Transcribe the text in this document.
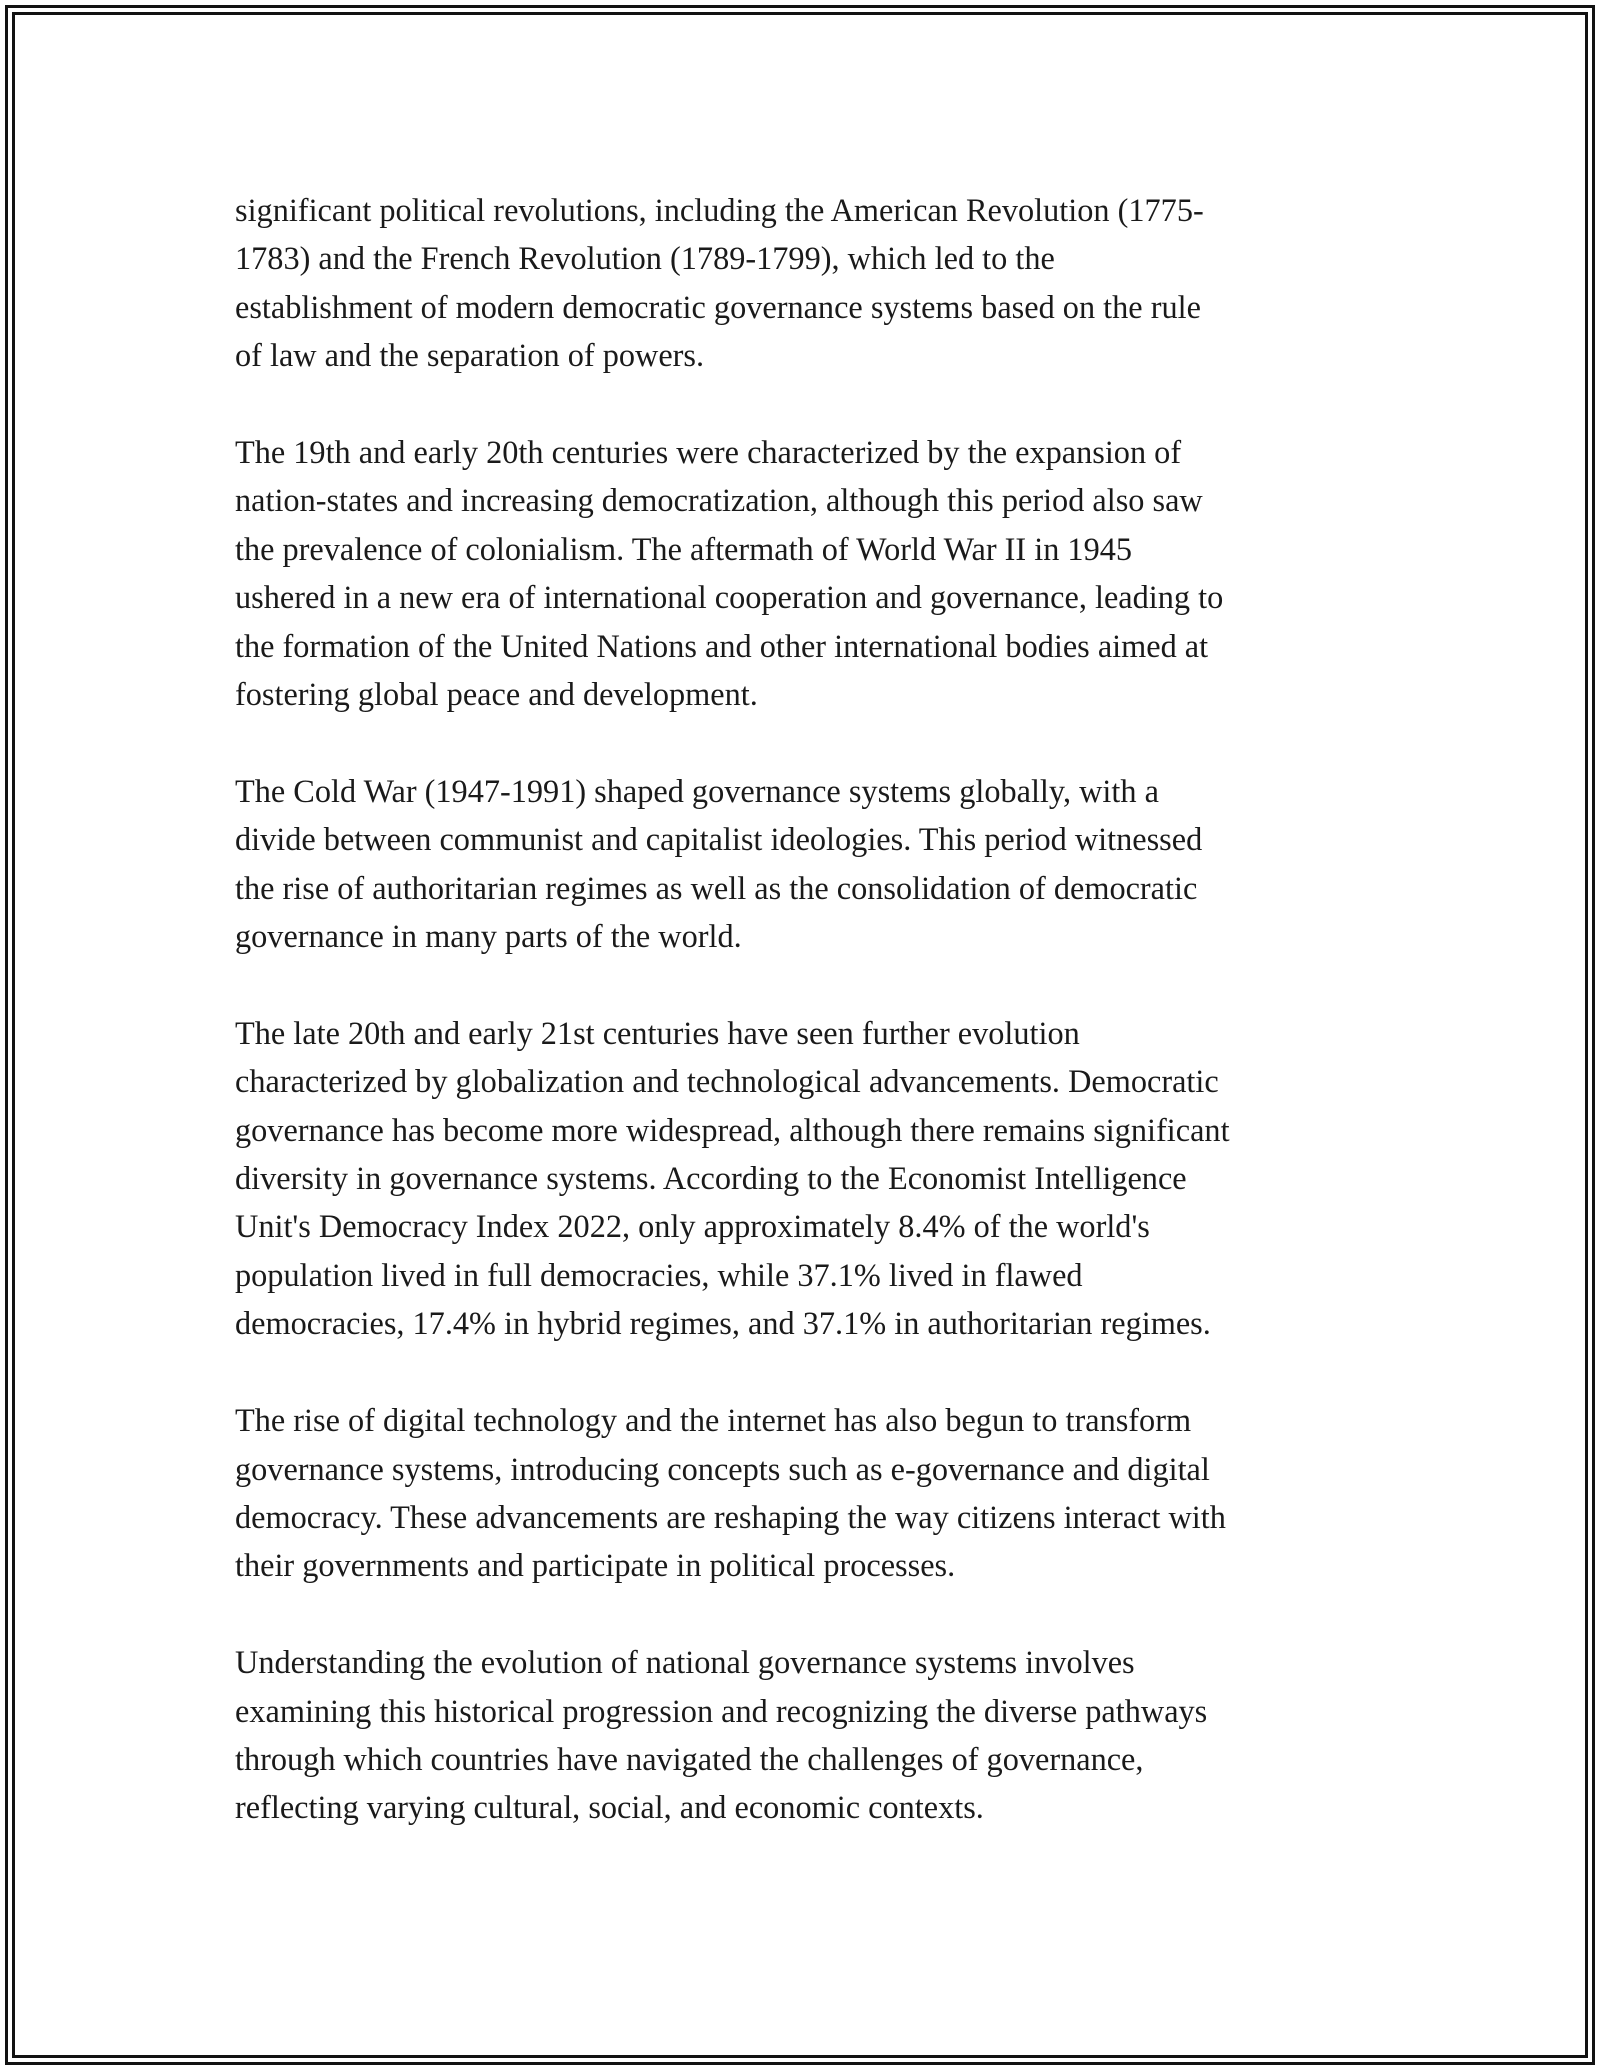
significant political revolutions, including the American Revolution (1775-
1783) and the French Revolution (1789-1799), which led to the
establishment of modern democratic governance systems based on the rule
of law and the separation of powers.

The 19th and early 20th centuries were characterized by the expansion of
nation-states and increasing democratization, although this period also saw
the prevalence of colonialism. The aftermath of World War II in 1945
ushered in a new era of international cooperation and governance, leading to
the formation of the United Nations and other international bodies aimed at
fostering global peace and development.

The Cold War (1947-1991) shaped governance systems globally, with a
divide between communist and capitalist ideologies. This period witnessed
the rise of authoritarian regimes as well as the consolidation of democratic
governance in many parts of the world.

The late 20th and early 21st centuries have seen further evolution
characterized by globalization and technological advancements. Democratic
governance has become more widespread, although there remains significant
diversity in governance systems. According to the Economist Intelligence
Unit's Democracy Index 2022, only approximately 8.4% of the world's
population lived in full democracies, while 37.1% lived in flawed
democracies, 17.4% in hybrid regimes, and 37.1% in authoritarian regimes.

The rise of digital technology and the internet has also begun to transform
governance systems, introducing concepts such as e-governance and digital
democracy. These advancements are reshaping the way citizens interact with
their governments and participate in political processes.

Understanding the evolution of national governance systems involves
examining this historical progression and recognizing the diverse pathways
through which countries have navigated the challenges of governance,
reflecting varying cultural, social, and economic contexts.
